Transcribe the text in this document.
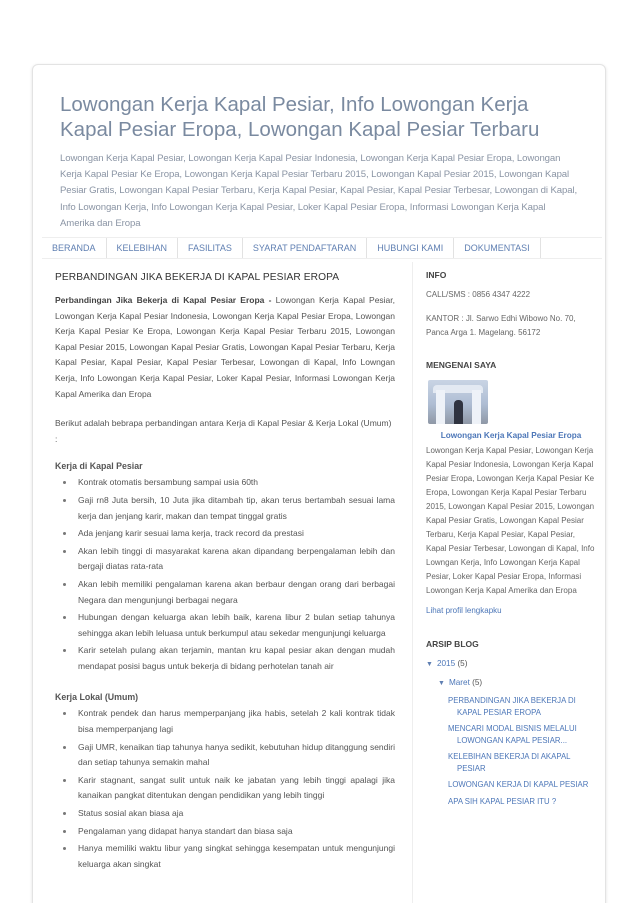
Lowongan Kerja Kapal Pesiar, Info Lowongan Kerja Kapal Pesiar Eropa, Lowongan Kapal Pesiar Terbaru

Lowongan Kerja Kapal Pesiar, Lowongan Kerja Kapal Pesiar Indonesia, Lowongan Kerja Kapal Pesiar Eropa, Lowongan Kerja Kapal Pesiar Ke Eropa, Lowongan Kerja Kapal Pesiar Terbaru 2015, Lowongan Kapal Pesiar 2015, Lowongan Kapal Pesiar Gratis, Lowongan Kapal Pesiar Terbaru, Kerja Kapal Pesiar, Kapal Pesiar, Kapal Pesiar Terbesar, Lowongan di Kapal, Info Lowongan Kerja, Info Lowongan Kerja Kapal Pesiar, Loker Kapal Pesiar Eropa, Informasi Lowongan Kerja Kapal Amerika dan Eropa

BERANDA	KELEBIHAN	FASILITAS	SYARAT PENDAFTARAN	HUBUNGI KAMI	DOKUMENTASI
PERBANDINGAN JIKA BEKERJA DI KAPAL PESIAR EROPA

Perbandingan Jika Bekerja di Kapal Pesiar Eropa - Lowongan Kerja Kapal Pesiar, Lowongan Kerja Kapal Pesiar Indonesia, Lowongan Kerja Kapal Pesiar Eropa, Lowongan Kerja Kapal Pesiar Ke Eropa, Lowongan Kerja Kapal Pesiar Terbaru 2015, Lowongan Kapal Pesiar 2015, Lowongan Kapal Pesiar Gratis, Lowongan Kapal Pesiar Terbaru, Kerja Kapal Pesiar, Kapal Pesiar, Kapal Pesiar Terbesar, Lowongan di Kapal, Info Lowngan Kerja, Info Lowongan Kerja Kapal Pesiar, Loker Kapal Pesiar, Informasi Lowongan Kerja Kapal Amerika dan Eropa

Berikut adalah bebrapa perbandingan antara Kerja di Kapal Pesiar & Kerja Lokal (Umum) :

Kerja di Kapal Pesiar
Kontrak otomatis bersambung sampai usia 60th
Gaji rn8 Juta bersih, 10 Juta jika ditambah tip, akan terus bertambah sesuai lama kerja dan jenjang karir, makan dan tempat tinggal gratis
Ada jenjang karir sesuai lama kerja, track record da prestasi
Akan lebih tinggi di masyarakat karena akan dipandang berpengalaman lebih dan bergaji diatas rata-rata
Akan lebih memiliki pengalaman karena akan berbaur dengan orang dari berbagai Negara dan mengunjungi berbagai negara
Hubungan dengan keluarga akan lebih baik, karena libur 2 bulan setiap tahunya sehingga akan lebih leluasa untuk berkumpul atau sekedar mengunjungi keluarga
Karir setelah pulang akan terjamin, mantan kru kapal pesiar akan dengan mudah mendapat posisi bagus untuk bekerja di bidang perhotelan tanah air
Kerja Lokal (Umum)
Kontrak pendek dan harus memperpanjang jika habis, setelah 2 kali kontrak tidak bisa memperpanjang lagi
Gaji UMR, kenaikan tiap tahunya hanya sedikit, kebutuhan hidup ditanggung sendiri dan setiap tahunya semakin mahal
Karir stagnant, sangat sulit untuk naik ke jabatan yang lebih tinggi apalagi jika kanaikan pangkat ditentukan dengan pendidikan yang lebih tinggi
Status sosial akan biasa aja
Pengalaman yang didapat hanya standart dan biasa saja
Hanya memiliki waktu libur yang singkat sehingga kesempatan untuk mengunjungi keluarga akan singkat
INFO

CALL/SMS : 0856 4347 4222

KANTOR : Jl. Sarwo Edhi Wibowo No. 70, Panca Arga 1. Magelang. 56172

MENGENAI SAYA

Lowongan Kerja Kapal Pesiar Eropa

Lowongan Kerja Kapal Pesiar, Lowongan Kerja Kapal Pesiar Indonesia, Lowongan Kerja Kapal Pesiar Eropa, Lowongan Kerja Kapal Pesiar Ke Eropa, Lowongan Kerja Kapal Pesiar Terbaru 2015, Lowongan Kapal Pesiar 2015, Lowongan Kapal Pesiar Gratis, Lowongan Kapal Pesiar Terbaru, Kerja Kapal Pesiar, Kapal Pesiar, Kapal Pesiar Terbesar, Lowongan di Kapal, Info Lowngan Kerja, Info Lowongan Kerja Kapal Pesiar, Loker Kapal Pesiar Eropa, Informasi Lowongan Kerja Kapal Amerika dan Eropa

Lihat profil lengkapku

ARSIP BLOG
▼ 2015 (5)
▼ Maret (5)
PERBANDINGAN JIKA BEKERJA DI KAPAL PESIAR EROPA
MENCARI MODAL BISNIS MELALUI LOWONGAN KAPAL PESIAR...
KELEBIHAN BEKERJA DI AKAPAL PESIAR
LOWONGAN KERJA DI KAPAL PESIAR
APA SIH KAPAL PESIAR ITU ?
